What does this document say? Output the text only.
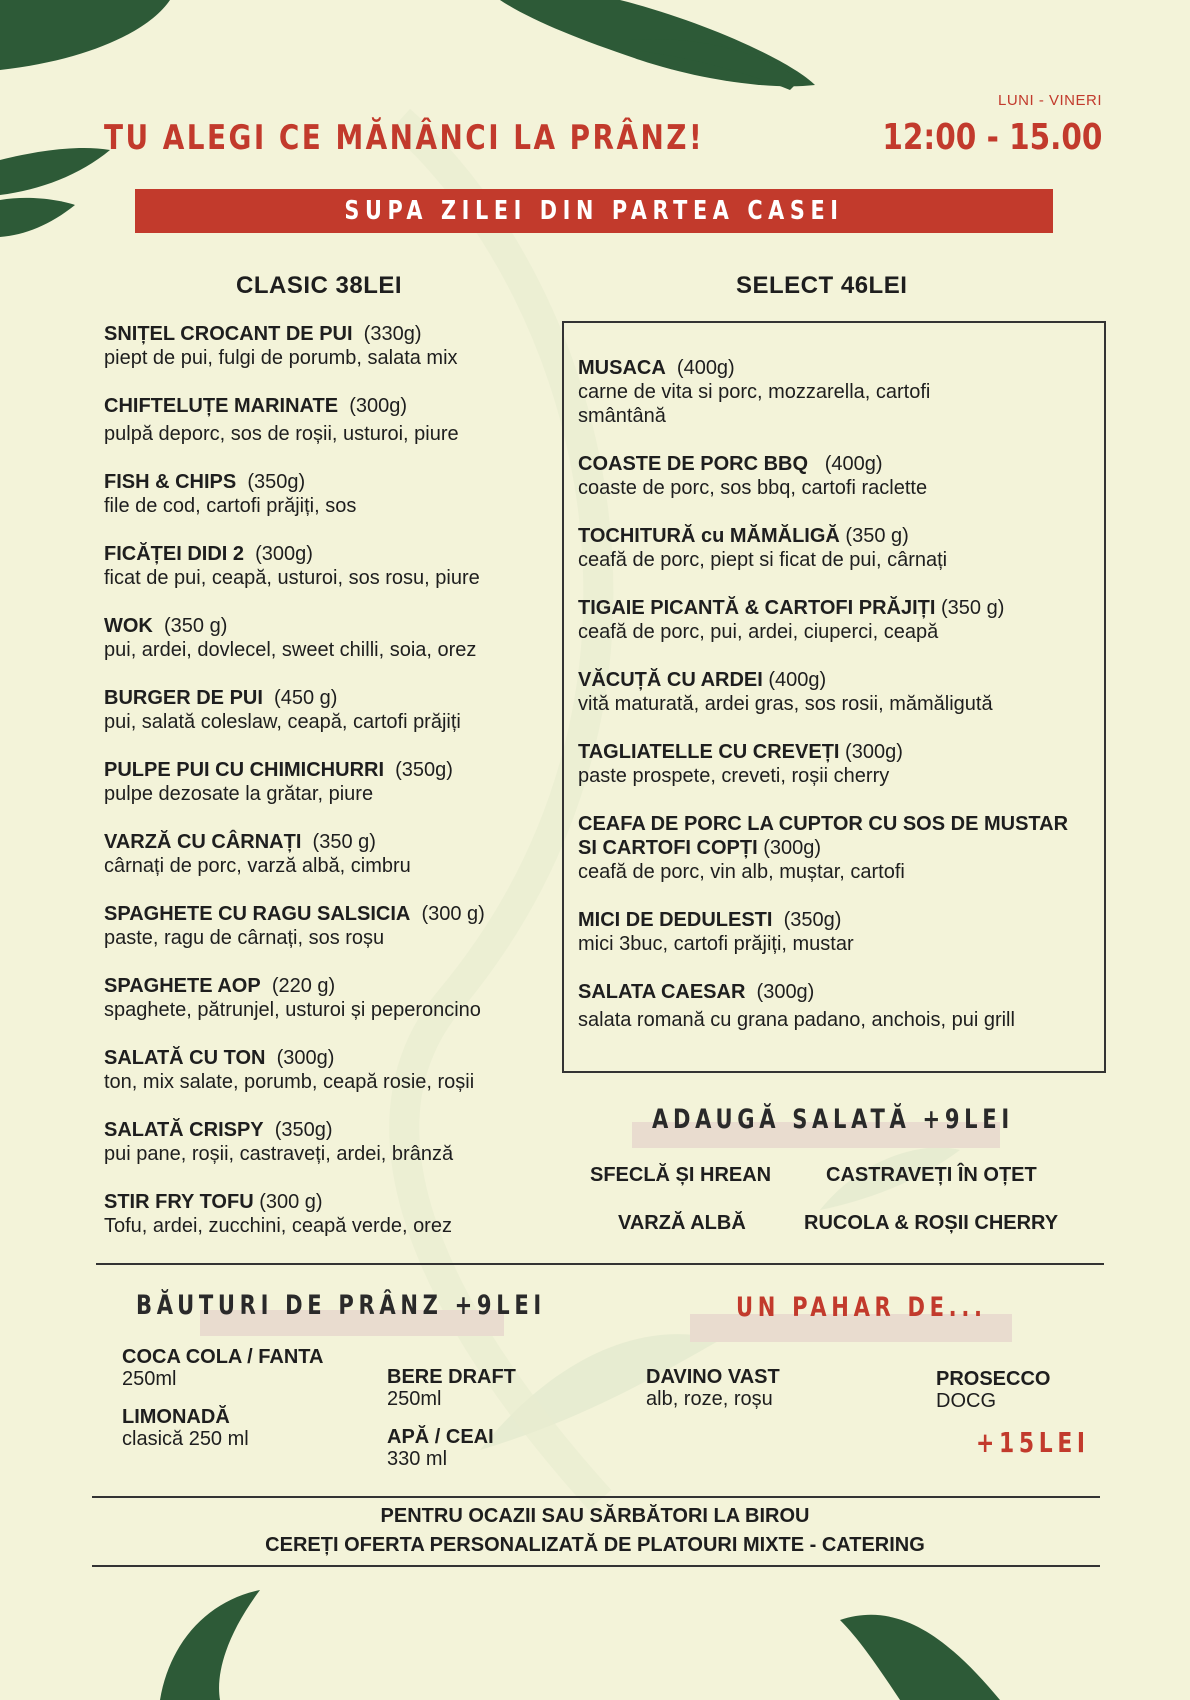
TU ALEGI CE MĂNÂNCI LA PRÂNZ!
LUNI - VINERI
12:00 - 15.00
SUPA ZILEI DIN PARTEA CASEI
CLASIC 38LEI	SELECT 46LEI
SNIȚEL CROCANT DE PUI (330g)
piept de pui, fulgi de porumb, salata mix
CHIFTELUȚE MARINATE (300g)
pulpă deporc, sos de roșii, usturoi, piure
FISH & CHIPS (350g)
file de cod, cartofi prăjiți, sos
FICĂȚEI DIDI 2 (300g)
ficat de pui, ceapă, usturoi, sos rosu, piure
WOK (350 g)
pui, ardei, dovlecel, sweet chilli, soia, orez
BURGER DE PUI (450 g)
pui, salată coleslaw, ceapă, cartofi prăjiți
PULPE PUI CU CHIMICHURRI (350g)
pulpe dezosate la grătar, piure
VARZĂ CU CÂRNAȚI (350 g)
cârnați de porc, varză albă, cimbru
SPAGHETE CU RAGU SALSICIA (300 g)
paste, ragu de cârnați, sos roșu
SPAGHETE AOP (220 g)
spaghete, pătrunjel, usturoi și peperoncino
SALATĂ CU TON (300g)
ton, mix salate, porumb, ceapă rosie, roșii
SALATĂ CRISPY (350g)
pui pane, roșii, castraveți, ardei, brânză
STIR FRY TOFU (300 g)
Tofu, ardei, zucchini, ceapă verde, orez
MUSACA (400g)
carne de vita si porc, mozzarella, cartofi
smântână
COASTE DE PORC BBQ (400g)
coaste de porc, sos bbq, cartofi raclette
TOCHITURĂ cu MĂMĂLIGĂ (350 g)
ceafă de porc, piept si ficat de pui, cârnați
TIGAIE PICANTĂ & CARTOFI PRĂJIȚI (350 g)
ceafă de porc, pui, ardei, ciuperci, ceapă
VĂCUȚĂ CU ARDEI (400g)
vită maturată, ardei gras, sos rosii, mămăligută
TAGLIATELLE CU CREVEȚI (300g)
paste prospete, creveti, roșii cherry
CEAFA DE PORC LA CUPTOR CU SOS DE MUSTAR
SI CARTOFI COPȚI (300g)
ceafă de porc, vin alb, muștar, cartofi
MICI DE DEDULESTI (350g)
mici 3buc, cartofi prăjiți, mustar
SALATA CAESAR (300g)
salata romană cu grana padano, anchois, pui grill
ADAUGĂ SALATĂ +9LEI
SFECLĂ ȘI HREAN	CASTRAVEȚI ÎN OȚET
VARZĂ ALBĂ	RUCOLA & ROȘII CHERRY
BĂUTURI DE PRÂNZ +9LEI
COCA COLA / FANTA
250ml
LIMONADĂ
clasică 250 ml
BERE DRAFT
250ml
APĂ / CEAI
330 ml
UN PAHAR DE...
DAVINO VAST
alb, roze, roșu
PROSECCO
DOCG
+15LEI
PENTRU OCAZII SAU SĂRBĂTORI LA BIROU
CEREȚI OFERTA PERSONALIZATĂ DE PLATOURI MIXTE - CATERING
